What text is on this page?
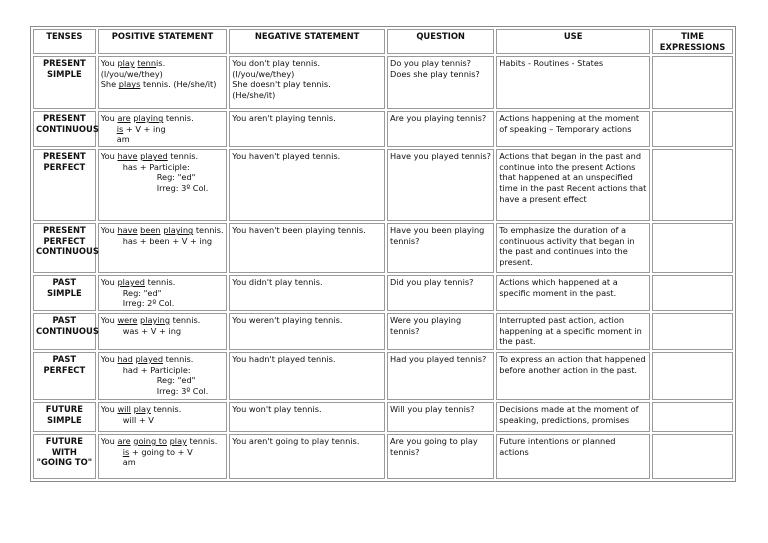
TENSES	POSITIVE STATEMENT	NEGATIVE STATEMENT	QUESTION	USE	TIME EXPRESSIONS
PRESENT SIMPLE	You play tennis.
(I/you/we/they)
She plays tennis. (He/she/it)	You don't play tennis.
(I/you/we/they)
She doesn't play tennis.
(He/she/it)	Do you play tennis?
Does she play tennis?	Habits - Routines - States	
PRESENT CONTINUOUS	You are playing tennis.
is + V + ing
am	You aren't playing tennis.	Are you playing tennis?	Actions happening at the moment of speaking – Temporary actions	
PRESENT PERFECT	You have played tennis.
has + Participle:
Reg: "ed"
Irreg: 3º Col.	You haven't played tennis.	Have you played tennis?	Actions that began in the past and continue into the present Actions that happened at an unspecified time in the past Recent actions that have a present effect	
PRESENT PERFECT CONTINUOUS	You have been playing tennis.
has + been + V + ing	You haven't been playing tennis.	Have you been playing tennis?	To emphasize the duration of a continuous activity that began in the past and continues into the present.	
PAST SIMPLE	You played tennis.
Reg: "ed"
Irreg: 2º Col.	You didn't play tennis.	Did you play tennis?	Actions which happened at a specific moment in the past.	
PAST CONTINUOUS	You were playing tennis.
was + V + ing	You weren't playing tennis.	Were you playing tennis?	Interrupted past action, action happening at a specific moment in the past.	
PAST PERFECT	You had played tennis.
had + Participle:
Reg: "ed"
Irreg: 3º Col.	You hadn't played tennis.	Had you played tennis?	To express an action that happened before another action in the past.	
FUTURE SIMPLE	You will play tennis.
will + V	You won't play tennis.	Will you play tennis?	Decisions made at the moment of speaking, predictions, promises	
FUTURE WITH "GOING TO"	You are going to play tennis.
is + going to + V
am	You aren't going to play tennis.	Are you going to play tennis?	Future intentions or planned actions	
